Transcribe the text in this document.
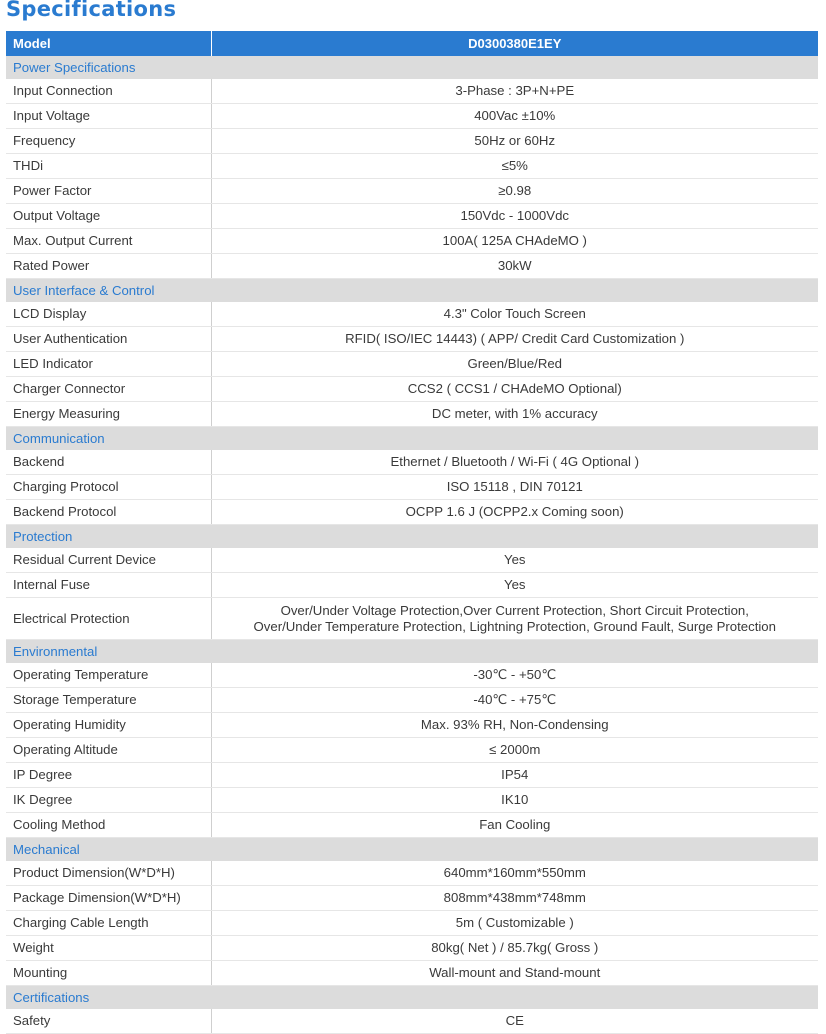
Specifications
Model	D0300380E1EY
Power Specifications	
Input Connection	3-Phase : 3P+N+PE
Input Voltage	400Vac ±10%
Frequency	50Hz or 60Hz
THDi	≤5%
Power Factor	≥0.98
Output Voltage	150Vdc - 1000Vdc
Max. Output Current	100A( 125A CHAdeMO )
Rated Power	30kW
User Interface & Control	
LCD Display	4.3" Color Touch Screen
User Authentication	RFID( ISO/IEC 14443) ( APP/ Credit Card Customization )
LED Indicator	Green/Blue/Red
Charger Connector	CCS2 ( CCS1 / CHAdeMO Optional)
Energy Measuring	DC meter, with 1% accuracy
Communication	
Backend	Ethernet / Bluetooth / Wi-Fi ( 4G Optional )
Charging Protocol	ISO 15118 , DIN 70121
Backend Protocol	OCPP 1.6 J (OCPP2.x Coming soon)
Protection	
Residual Current Device	Yes
Internal Fuse	Yes
Electrical Protection	Over/Under Voltage Protection,Over Current Protection, Short Circuit Protection,
Over/Under Temperature Protection, Lightning Protection, Ground Fault, Surge Protection

Environmental	
Operating Temperature	-30℃ - +50℃
Storage Temperature	-40℃ - +75℃
Operating Humidity	Max. 93% RH, Non-Condensing
Operating Altitude	≤ 2000m
IP Degree	IP54
IK Degree	IK10
Cooling Method	Fan Cooling
Mechanical	
Product Dimension(W*D*H)	640mm*160mm*550mm
Package Dimension(W*D*H)	808mm*438mm*748mm
Charging Cable Length	5m ( Customizable )
Weight	80kg( Net ) / 85.7kg( Gross )
Mounting	Wall-mount and Stand-mount
Certifications	
Safety	CE
